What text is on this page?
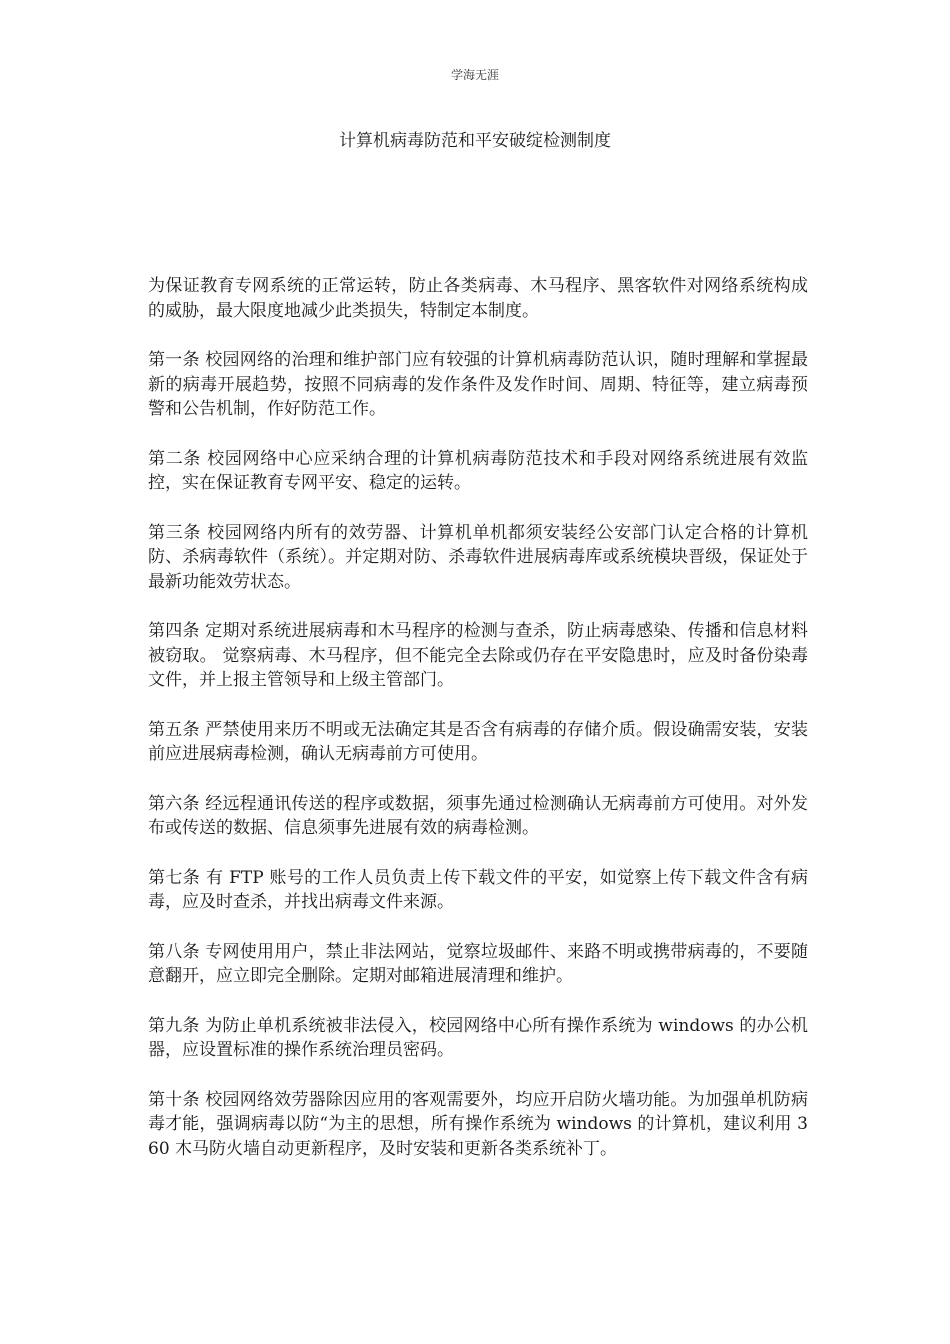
学海无涯
计算机病毒防范和平安破绽检测制度

为保证教育专网系统的正常运转，防止各类病毒、木马程序、黑客软件对网络系统构成的威胁，最大限度地减少此类损失，特制定本制度。

第一条 校园网络的治理和维护部门应有较强的计算机病毒防范认识，随时理解和掌握最新的病毒开展趋势，按照不同病毒的发作条件及发作时间、周期、特征等，建立病毒预警和公告机制，作好防范工作。

第二条 校园网络中心应采纳合理的计算机病毒防范技术和手段对网络系统进展有效监控，实在保证教育专网平安、稳定的运转。

第三条 校园网络内所有的效劳器、计算机单机都须安装经公安部门认定合格的计算机防、杀病毒软件（系统）。并定期对防、杀毒软件进展病毒库或系统模块晋级，保证处于最新功能效劳状态。

第四条 定期对系统进展病毒和木马程序的检测与查杀，防止病毒感染、传播和信息材料被窃取。 觉察病毒、木马程序，但不能完全去除或仍存在平安隐患时，应及时备份染毒文件，并上报主管领导和上级主管部门。

第五条 严禁使用来历不明或无法确定其是否含有病毒的存储介质。假设确需安装，安装前应进展病毒检测，确认无病毒前方可使用。

第六条 经远程通讯传送的程序或数据，须事先通过检测确认无病毒前方可使用。对外发布或传送的数据、信息须事先进展有效的病毒检测。

第七条 有 FTP 账号的工作人员负责上传下载文件的平安，如觉察上传下载文件含有病毒，应及时查杀，并找出病毒文件来源。

第八条 专网使用用户，禁止非法网站，觉察垃圾邮件、来路不明或携带病毒的，不要随意翻开，应立即完全删除。定期对邮箱进展清理和维护。

第九条 为防止单机系统被非法侵入，校园网络中心所有操作系统为 windows 的办公机器，应设置标准的操作系统治理员密码。

第十条 校园网络效劳器除因应用的客观需要外，均应开启防火墙功能。为加强单机防病毒才能，强调病毒以防“为主的思想，所有操作系统为 windows 的计算机，建议利用 360 木马防火墙自动更新程序，及时安装和更新各类系统补丁。
